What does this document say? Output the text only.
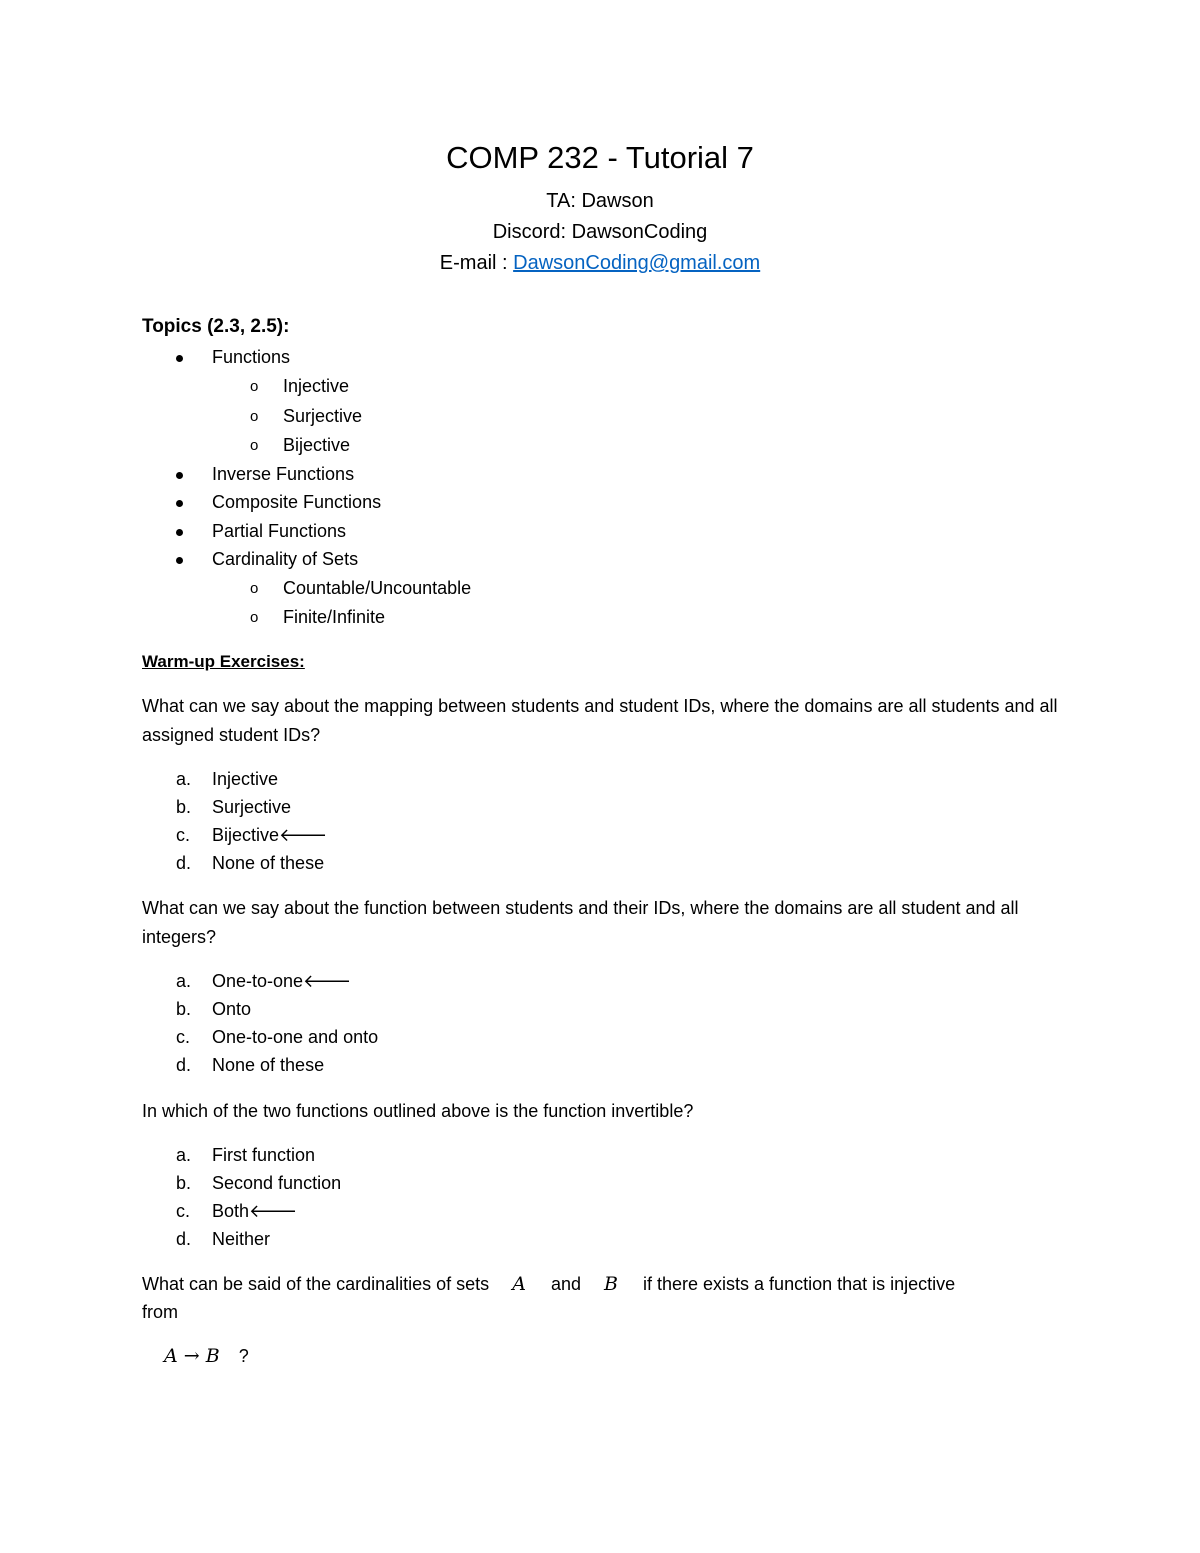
COMP 232 - Tutorial 7
TA: Dawson
Discord: DawsonCoding
E-mail : DawsonCoding@gmail.com
Topics (2.3, 2.5):
Functions
o Injective
o Surjective
o Bijective
Inverse Functions
Composite Functions
Partial Functions
Cardinality of Sets
o Countable/Uncountable
o Finite/Infinite
Warm-up Exercises:
What can we say about the mapping between students and student IDs, where the domains are all students and all assigned student IDs?
a. Injective
b. Surjective
c. Bijective🡐
d. None of these
What can we say about the function between students and their IDs, where the domains are all student and all integers?
a. One-to-one🡐
b. Onto
c. One-to-one and onto
d. None of these
In which of the two functions outlined above is the function invertible?
a. First function
b. Second function
c. Both🡐
d. Neither
What can be said of the cardinalities of sets A and B if there exists a function that is injective
from
A → B ?
